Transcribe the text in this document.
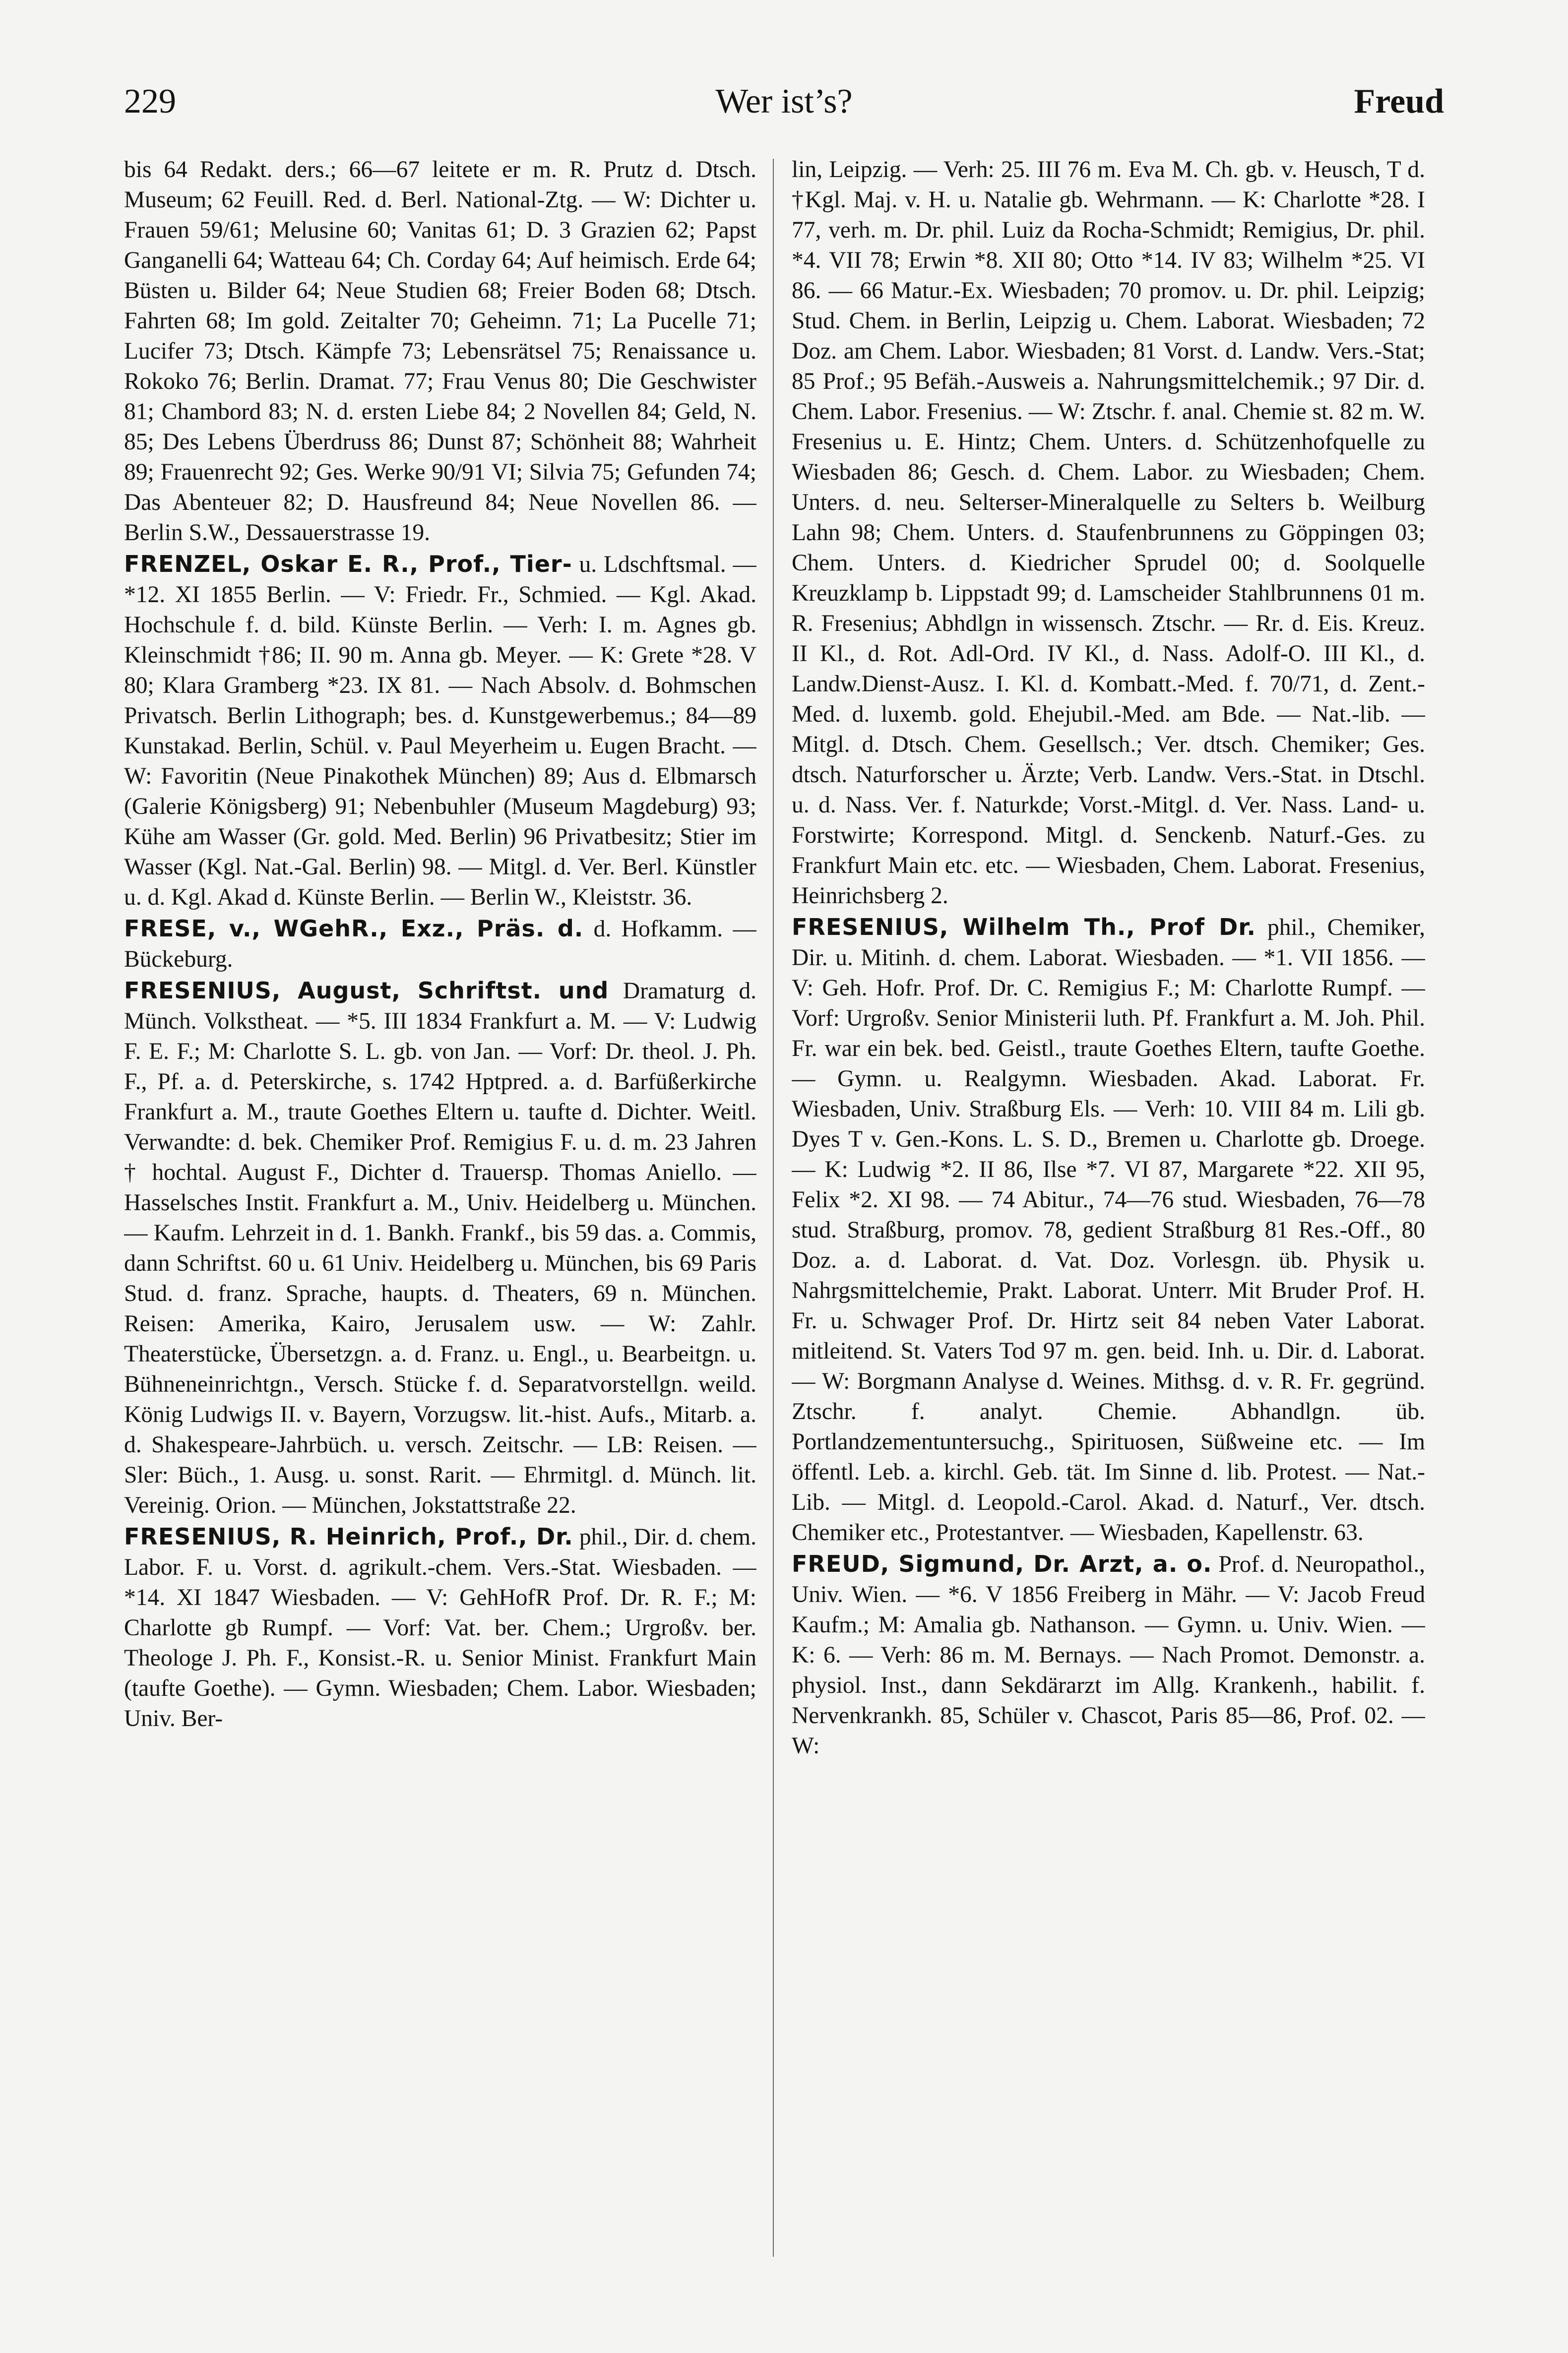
229	Wer ist’s?	Freud

bis 64 Redakt. ders.; 66—67 leitete er m. R. Prutz d. Dtsch. Museum; 62 Feuill. Red. d. Berl. National-Ztg. — W: Dichter u. Frauen 59/61; Melusine 60; Vanitas 61; D. 3 Grazien 62; Papst Ganganelli 64; Watteau 64; Ch. Corday 64; Auf heimisch. Erde 64; Büsten u. Bilder 64; Neue Studien 68; Freier Boden 68; Dtsch. Fahrten 68; Im gold. Zeitalter 70; Geheimn. 71; La Pucelle 71; Lucifer 73; Dtsch. Kämpfe 73; Lebensrätsel 75; Renaissance u. Rokoko 76; Berlin. Dramat. 77; Frau Venus 80; Die Geschwister 81; Chambord 83; N. d. ersten Liebe 84; 2 Novellen 84; Geld, N. 85; Des Lebens Überdruss 86; Dunst 87; Schönheit 88; Wahrheit 89; Frauenrecht 92; Ges. Werke 90/91 VI; Silvia 75; Gefunden 74; Das Abenteuer 82; D. Hausfreund 84; Neue Novellen 86. — Berlin S.W., Dessauerstrasse 19.

FRENZEL, Oskar E. R., Prof., Tier- u. Ldschftsmal. — *12. XI 1855 Berlin. — V: Friedr. Fr., Schmied. — Kgl. Akad. Hochschule f. d. bild. Künste Berlin. — Verh: I. m. Agnes gb. Kleinschmidt †86; II. 90 m. Anna gb. Meyer. — K: Grete *28. V 80; Klara Gramberg *23. IX 81. — Nach Absolv. d. Bohmschen Privatsch. Berlin Lithograph; bes. d. Kunstgewerbemus.; 84—89 Kunstakad. Berlin, Schül. v. Paul Meyerheim u. Eugen Bracht. — W: Favoritin (Neue Pinakothek München) 89; Aus d. Elbmarsch (Galerie Königsberg) 91; Nebenbuhler (Museum Magdeburg) 93; Kühe am Wasser (Gr. gold. Med. Berlin) 96 Privatbesitz; Stier im Wasser (Kgl. Nat.-Gal. Berlin) 98. — Mitgl. d. Ver. Berl. Künstler u. d. Kgl. Akad d. Künste Berlin. — Berlin W., Kleiststr. 36.

FRESE, v., WGehR., Exz., Präs. d. d. Hofkamm. — Bückeburg.

FRESENIUS, August, Schriftst. und Dramaturg d. Münch. Volkstheat. — *5. III 1834 Frankfurt a. M. — V: Ludwig F. E. F.; M: Charlotte S. L. gb. von Jan. — Vorf: Dr. theol. J. Ph. F., Pf. a. d. Peterskirche, s. 1742 Hptpred. a. d. Barfüßerkirche Frankfurt a. M., traute Goethes Eltern u. taufte d. Dichter. Weitl. Verwandte: d. bek. Chemiker Prof. Remigius F. u. d. m. 23 Jahren † hochtal. August F., Dichter d. Trauersp. Thomas Aniello. — Hasselsches Instit. Frankfurt a. M., Univ. Heidelberg u. München. — Kaufm. Lehrzeit in d. 1. Bankh. Frankf., bis 59 das. a. Commis, dann Schriftst. 60 u. 61 Univ. Heidelberg u. München, bis 69 Paris Stud. d. franz. Sprache, haupts. d. Theaters, 69 n. München. Reisen: Amerika, Kairo, Jerusalem usw. — W: Zahlr. Theaterstücke, Übersetzgn. a. d. Franz. u. Engl., u. Bearbeitgn. u. Bühneneinrichtgn., Versch. Stücke f. d. Separatvorstellgn. weild. König Ludwigs II. v. Bayern, Vorzugsw. lit.-hist. Aufs., Mitarb. a. d. Shakespeare-Jahrbüch. u. versch. Zeitschr. — LB: Reisen. — Sler: Büch., 1. Ausg. u. sonst. Rarit. — Ehrmitgl. d. Münch. lit. Vereinig. Orion. — München, Jokstattstraße 22.

FRESENIUS, R. Heinrich, Prof., Dr. phil., Dir. d. chem. Labor. F. u. Vorst. d. agrikult.-chem. Vers.-Stat. Wiesbaden. — *14. XI 1847 Wiesbaden. — V: GehHofR Prof. Dr. R. F.; M: Charlotte gb Rumpf. — Vorf: Vat. ber. Chem.; Urgroßv. ber. Theologe J. Ph. F., Konsist.-R. u. Senior Minist. Frankfurt Main (taufte Goethe). — Gymn. Wiesbaden; Chem. Labor. Wiesbaden; Univ. Ber-

lin, Leipzig. — Verh: 25. III 76 m. Eva M. Ch. gb. v. Heusch, T d. †Kgl. Maj. v. H. u. Natalie gb. Wehrmann. — K: Charlotte *28. I 77, verh. m. Dr. phil. Luiz da Rocha-Schmidt; Remigius, Dr. phil. *4. VII 78; Erwin *8. XII 80; Otto *14. IV 83; Wilhelm *25. VI 86. — 66 Matur.-Ex. Wiesbaden; 70 promov. u. Dr. phil. Leipzig; Stud. Chem. in Berlin, Leipzig u. Chem. Laborat. Wiesbaden; 72 Doz. am Chem. Labor. Wiesbaden; 81 Vorst. d. Landw. Vers.-Stat; 85 Prof.; 95 Befäh.-Ausweis a. Nahrungsmittelchemik.; 97 Dir. d. Chem. Labor. Fresenius. — W: Ztschr. f. anal. Chemie st. 82 m. W. Fresenius u. E. Hintz; Chem. Unters. d. Schützenhofquelle zu Wiesbaden 86; Gesch. d. Chem. Labor. zu Wiesbaden; Chem. Unters. d. neu. Selterser-Mineralquelle zu Selters b. Weilburg Lahn 98; Chem. Unters. d. Staufenbrunnens zu Göppingen 03; Chem. Unters. d. Kiedricher Sprudel 00; d. Soolquelle Kreuzklamp b. Lippstadt 99; d. Lamscheider Stahlbrunnens 01 m. R. Fresenius; Abhdlgn in wissensch. Ztschr. — Rr. d. Eis. Kreuz. II Kl., d. Rot. Adl-Ord. IV Kl., d. Nass. Adolf-O. III Kl., d. Landw.Dienst-Ausz. I. Kl. d. Kombatt.-Med. f. 70/71, d. Zent.-Med. d. luxemb. gold. Ehejubil.-Med. am Bde. — Nat.-lib. — Mitgl. d. Dtsch. Chem. Gesellsch.; Ver. dtsch. Chemiker; Ges. dtsch. Naturforscher u. Ärzte; Verb. Landw. Vers.-Stat. in Dtschl. u. d. Nass. Ver. f. Naturkde; Vorst.-Mitgl. d. Ver. Nass. Land- u. Forstwirte; Korrespond. Mitgl. d. Senckenb. Naturf.-Ges. zu Frankfurt Main etc. etc. — Wiesbaden, Chem. Laborat. Fresenius, Heinrichsberg 2.

FRESENIUS, Wilhelm Th., Prof Dr. phil., Chemiker, Dir. u. Mitinh. d. chem. Laborat. Wiesbaden. — *1. VII 1856. — V: Geh. Hofr. Prof. Dr. C. Remigius F.; M: Charlotte Rumpf. — Vorf: Urgroßv. Senior Ministerii luth. Pf. Frankfurt a. M. Joh. Phil. Fr. war ein bek. bed. Geistl., traute Goethes Eltern, taufte Goethe. — Gymn. u. Realgymn. Wiesbaden. Akad. Laborat. Fr. Wiesbaden, Univ. Straßburg Els. — Verh: 10. VIII 84 m. Lili gb. Dyes T v. Gen.-Kons. L. S. D., Bremen u. Charlotte gb. Droege. — K: Ludwig *2. II 86, Ilse *7. VI 87, Margarete *22. XII 95, Felix *2. XI 98. — 74 Abitur., 74—76 stud. Wiesbaden, 76—78 stud. Straßburg, promov. 78, gedient Straßburg 81 Res.-Off., 80 Doz. a. d. Laborat. d. Vat. Doz. Vorlesgn. üb. Physik u. Nahrgsmittelchemie, Prakt. Laborat. Unterr. Mit Bruder Prof. H. Fr. u. Schwager Prof. Dr. Hirtz seit 84 neben Vater Laborat. mitleitend. St. Vaters Tod 97 m. gen. beid. Inh. u. Dir. d. Laborat. — W: Borgmann Analyse d. Weines. Mithsg. d. v. R. Fr. gegründ. Ztschr. f. analyt. Chemie. Abhandlgn. üb. Portlandzementuntersuchg., Spirituosen, Süßweine etc. — Im öffentl. Leb. a. kirchl. Geb. tät. Im Sinne d. lib. Protest. — Nat.-Lib. — Mitgl. d. Leopold.-Carol. Akad. d. Naturf., Ver. dtsch. Chemiker etc., Protestantver. — Wiesbaden, Kapellenstr. 63.

FREUD, Sigmund, Dr. Arzt, a. o. Prof. d. Neuropathol., Univ. Wien. — *6. V 1856 Freiberg in Mähr. — V: Jacob Freud Kaufm.; M: Amalia gb. Nathanson. — Gymn. u. Univ. Wien. — K: 6. — Verh: 86 m. M. Bernays. — Nach Promot. Demonstr. a. physiol. Inst., dann Sekdärarzt im Allg. Krankenh., habilit. f. Nervenkrankh. 85, Schüler v. Chascot, Paris 85—86, Prof. 02. — W:
